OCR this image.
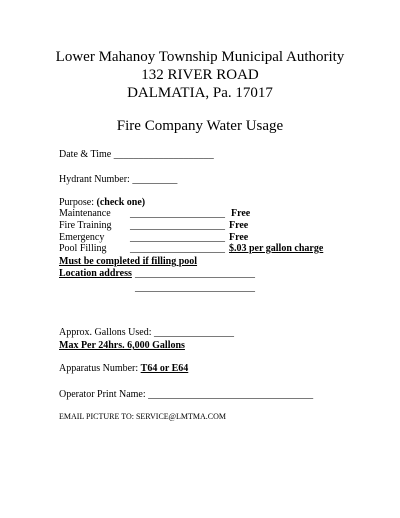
Lower Mahanoy Township Municipal Authority
132 RIVER ROAD
DALMATIA, Pa. 17017
Fire Company Water Usage
Date & Time ____________________
Hydrant Number: _________
Purpose: (check one)
Maintenance ___________________ Free
Fire Training ___________________ Free
Emergency	___________________ Free
Pool Filling ___________________ $.03 per gallon charge
Must be completed if filling pool
Location address ________________________
________________________
Approx. Gallons Used: ________________
Max Per 24hrs. 6,000 Gallons
Apparatus Number: T64 or E64
Operator Print Name: _________________________________
EMAIL PICTURE TO: SERVICE@LMTMA.COM
